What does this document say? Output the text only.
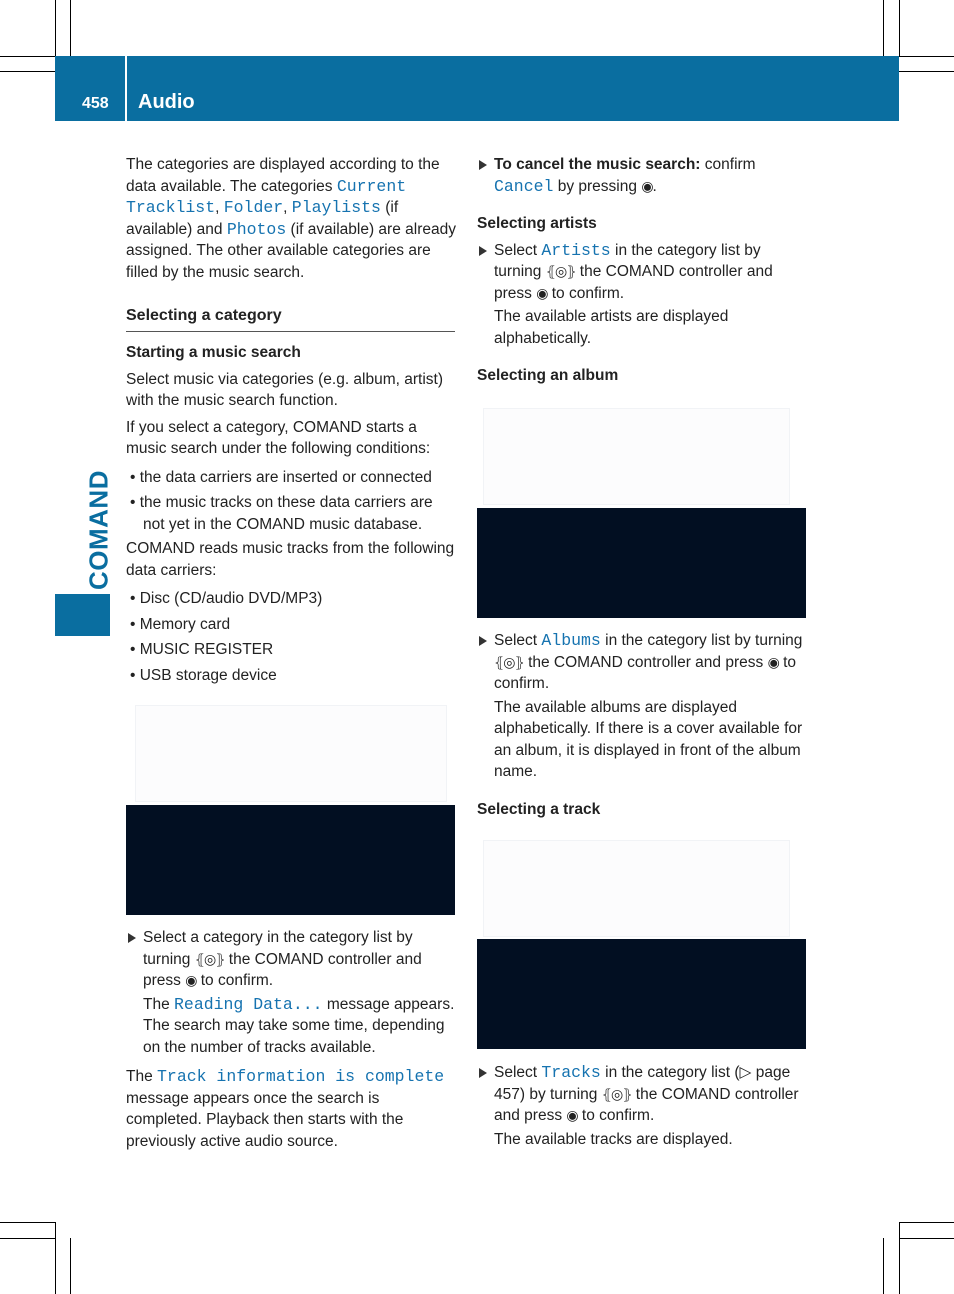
458 Audio
COMAND

The categories are displayed according to the data available. The categories Current Tracklist, Folder, Playlists (if available) and Photos (if available) are already assigned. The other available categories are filled by the music search.

Selecting a category

Starting a music search

Select music via categories (e.g. album, artist) with the music search function.

If you select a category, COMAND starts a music search under the following conditions:

• the data carriers are inserted or connected

• the music tracks on these data carriers are not yet in the COMAND music database.

COMAND reads music tracks from the following data carriers:

• Disc (CD/audio DVD/MP3)

• Memory card

• MUSIC REGISTER

• USB storage device

Select a category in the category list by turning ⦃◎⦄ the COMAND controller and press ◉ to confirm.

The Reading Data... message appears. The search may take some time, depending on the number of tracks available.

The Track information is complete message appears once the search is completed. Playback then starts with the previously active audio source.

To cancel the music search: confirm Cancel by pressing ◉.

Selecting artists

Select Artists in the category list by turning ⦃◎⦄ the COMAND controller and press ◉ to confirm.

The available artists are displayed alphabetically.

Selecting an album

Select Albums in the category list by turning ⦃◎⦄ the COMAND controller and press ◉ to confirm.

The available albums are displayed alphabetically. If there is a cover available for an album, it is displayed in front of the album name.

Selecting a track

Select Tracks in the category list (▷ page 457) by turning ⦃◎⦄ the COMAND controller and press ◉ to confirm.

The available tracks are displayed.
